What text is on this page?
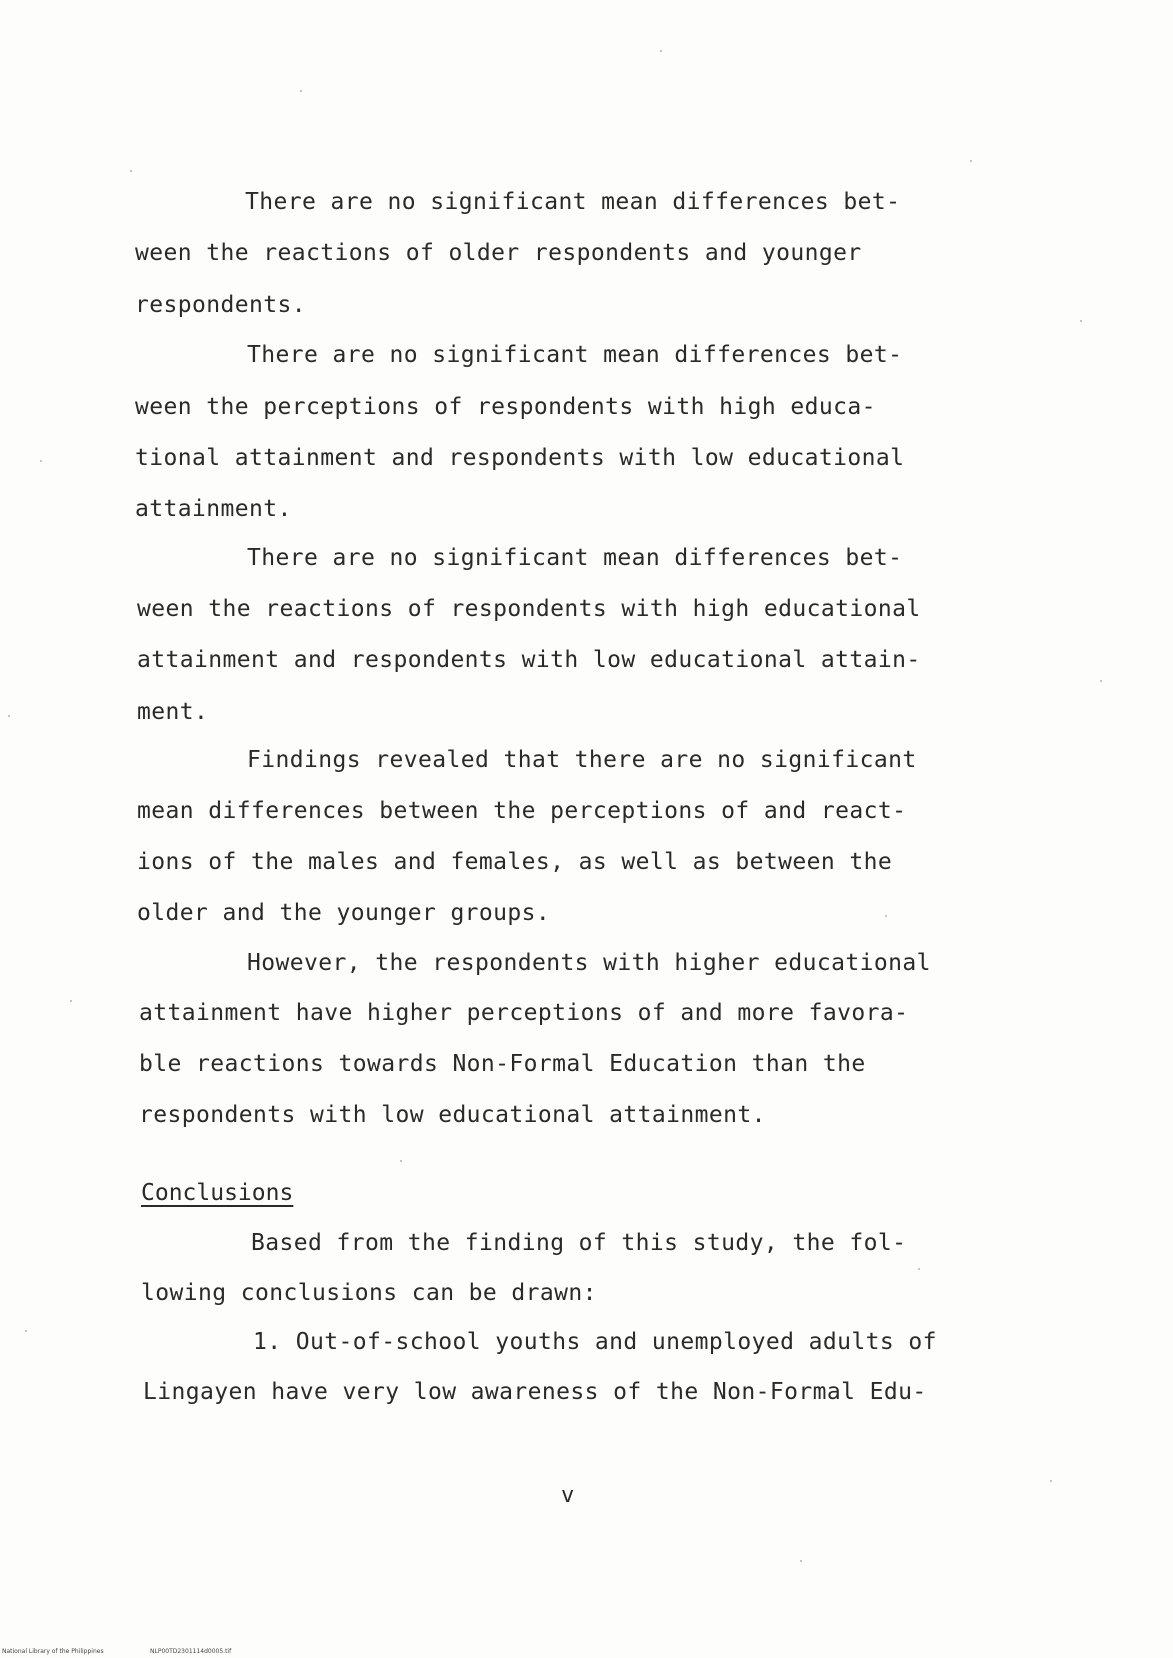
There are no significant mean differences bet-
ween the reactions of older respondents and younger
respondents.
There are no significant mean differences bet-
ween the perceptions of respondents with high educa-
tional attainment and respondents with low educational
attainment.
There are no significant mean differences bet-
ween the reactions of respondents with high educational
attainment and respondents with low educational attain-
ment.
Findings revealed that there are no significant
mean differences between the perceptions of and react-
ions of the males and females, as well as between the
older and the younger groups.
However, the respondents with higher educational
attainment have higher perceptions of and more favora-
ble reactions towards Non-Formal Education than the
respondents with low educational attainment.
Conclusions
Based from the finding of this study, the fol-
lowing conclusions can be drawn:
1. Out-of-school youths and unemployed adults of
Lingayen have very low awareness of the Non-Formal Edu-
v
National Library of the Philippines	NLP00TD2301114d0005.tif
